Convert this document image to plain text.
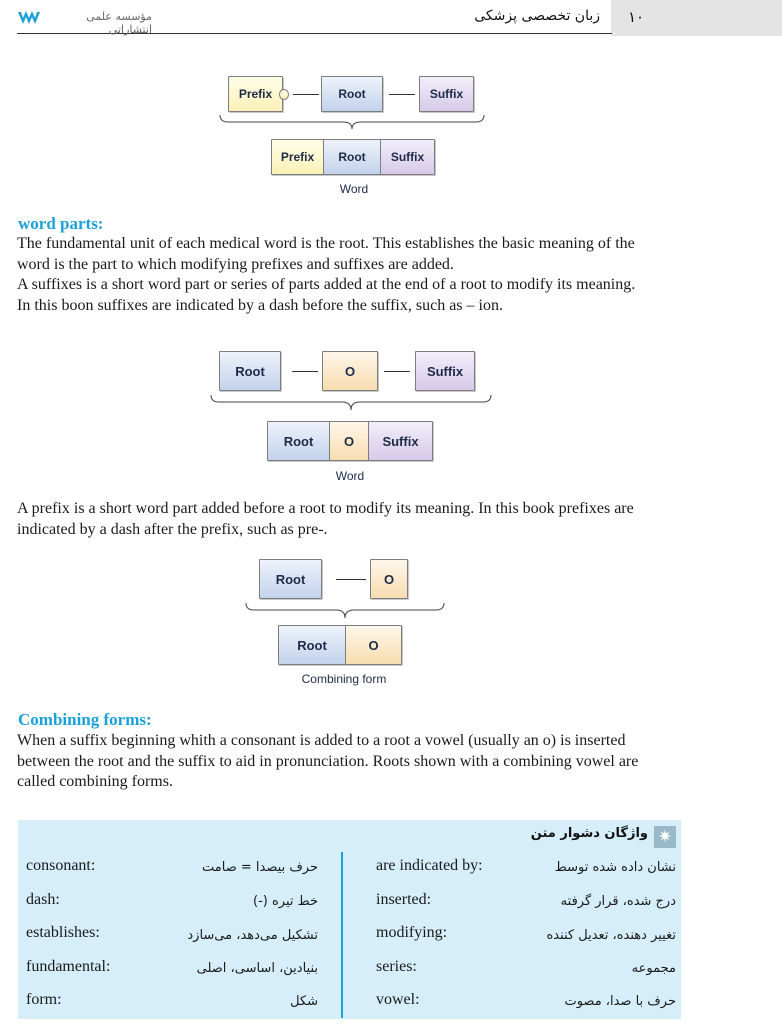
۱۰
زبان تخصصی پزشکی
مؤسسه علمی انتشاراتی
Prefix	Root	Suffix
Prefix Root Suffix
Word
word parts:
The fundamental unit of each medical word is the root. This establishes the basic meaning of the
word is the part to which modifying prefixes and suffixes are added.
A suffixes is a short word part or series of parts added at the end of a root to modify its meaning.
In this boon suffixes are indicated by a dash before the suffix, such as – ion.
Root	O	Suffix
Root O Suffix
Word
A prefix is a short word part added before a root to modify its meaning. In this book prefixes are
indicated by a dash after the prefix, such as pre-.
Root	O
Root	O
Combining form
Combining forms:
When a suffix beginning whith a consonant is added to a root a vowel (usually an o) is inserted
between the root and the suffix to aid in pronunciation. Roots shown with a combining vowel are
called combining forms.
✷
واژگان دشوار متن
consonant:	حرف بیصدا = صامت
dash:	خط تیره (-)
establishes:	تشکیل می‌دهد، می‌سازد
fundamental:	بنیادین، اساسی، اصلی
form:	شکل
are indicated by:	نشان داده شده توسط
inserted:	درج شده، قرار گرفته
modifying:	تغییر دهنده، تعدیل کننده
series:	مجموعه
vowel:	حرف با صدا، مصوت
